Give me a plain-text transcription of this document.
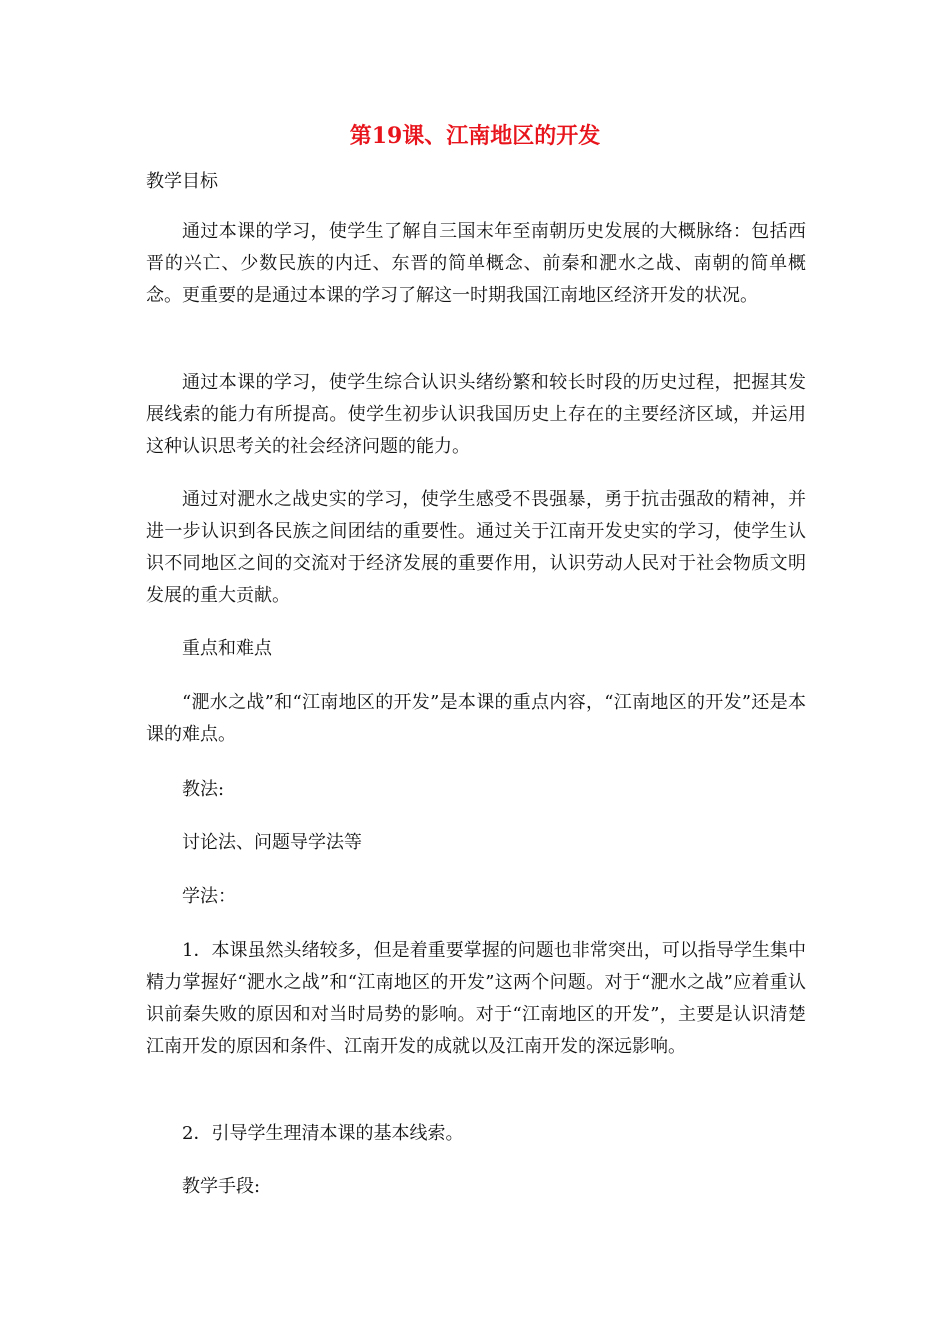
第19课、江南地区的开发
教学目标

通过本课的学习，使学生了解自三国末年至南朝历史发展的大概脉络：包括西晋的兴亡、少数民族的内迁、东晋的简单概念、前秦和淝水之战、南朝的简单概念。更重要的是通过本课的学习了解这一时期我国江南地区经济开发的状况。

通过本课的学习，使学生综合认识头绪纷繁和较长时段的历史过程，把握其发展线索的能力有所提高。使学生初步认识我国历史上存在的主要经济区域，并运用这种认识思考关的社会经济问题的能力。

通过对淝水之战史实的学习，使学生感受不畏强暴，勇于抗击强敌的精神，并进一步认识到各民族之间团结的重要性。通过关于江南开发史实的学习，使学生认识不同地区之间的交流对于经济发展的重要作用，认识劳动人民对于社会物质文明发展的重大贡献。

重点和难点

“淝水之战”和“江南地区的开发”是本课的重点内容，“江南地区的开发”还是本课的难点。

教法:
讨论法、问题导学法等
学法：

1．本课虽然头绪较多，但是着重要掌握的问题也非常突出，可以指导学生集中精力掌握好“淝水之战”和“江南地区的开发”这两个问题。对于“淝水之战”应着重认识前秦失败的原因和对当时局势的影响。对于“江南地区的开发”，主要是认识清楚江南开发的原因和条件、江南开发的成就以及江南开发的深远影响。

2．引导学生理清本课的基本线索。

教学手段:
